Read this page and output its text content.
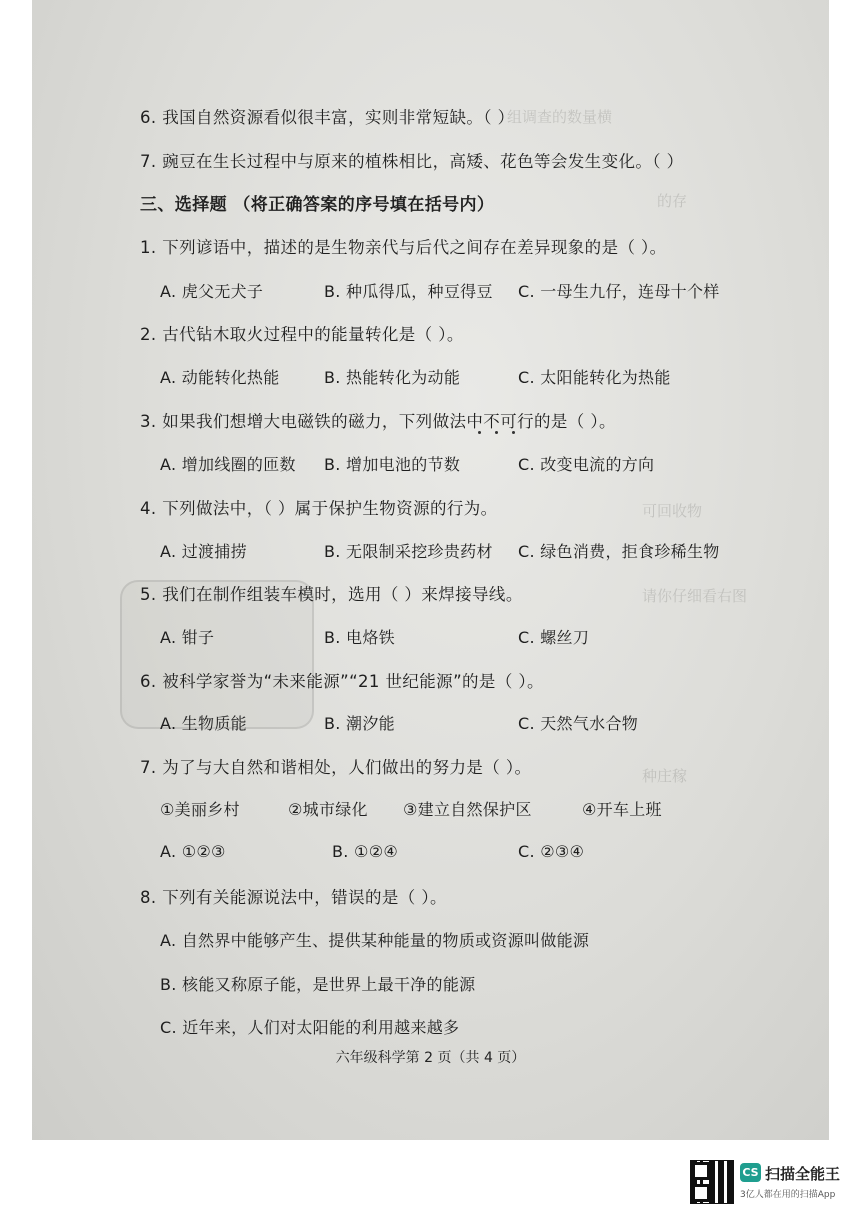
组调查的数量横
的存
可回收物
请你仔细看右图
种庄稼
6. 我国自然资源看似很丰富，实则非常短缺。（ ）
7. 豌豆在生长过程中与原来的植株相比，高矮、花色等会发生变化。（ ）
三、选择题 （将正确答案的序号填在括号内）
1. 下列谚语中，描述的是生物亲代与后代之间存在差异现象的是（ ）。
A. 虎父无犬子	B. 种瓜得瓜，种豆得豆 C. 一母生九仔，连母十个样
2. 古代钻木取火过程中的能量转化是（ ）。
A. 动能转化热能	B. 热能转化为动能	C. 太阳能转化为热能
3. 如果我们想增大电磁铁的磁力，下列做法中不可行的是（ ）。
A. 增加线圈的匝数 B. 增加电池的节数	C. 改变电流的方向
4. 下列做法中，（ ）属于保护生物资源的行为。
A. 过渡捕捞	B. 无限制采挖珍贵药材 C. 绿色消费，拒食珍稀生物
5. 我们在制作组装车模时，选用（ ）来焊接导线。
A. 钳子	B. 电烙铁	C. 螺丝刀
6. 被科学家誉为“未来能源”“21 世纪能源”的是（ ）。
A. 生物质能	B. 潮汐能	C. 天然气水合物
7. 为了与大自然和谐相处，人们做出的努力是（ ）。
①美丽乡村	②城市绿化 ③建立自然保护区	④开车上班
A. ①②③	B. ①②④	C. ②③④
8. 下列有关能源说法中，错误的是（ ）。
A. 自然界中能够产生、提供某种能量的物质或资源叫做能源
B. 核能又称原子能，是世界上最干净的能源
C. 近年来，人们对太阳能的利用越来越多
六年级科学第 2 页（共 4 页）
CS 扫描全能王
3亿人都在用的扫描App
